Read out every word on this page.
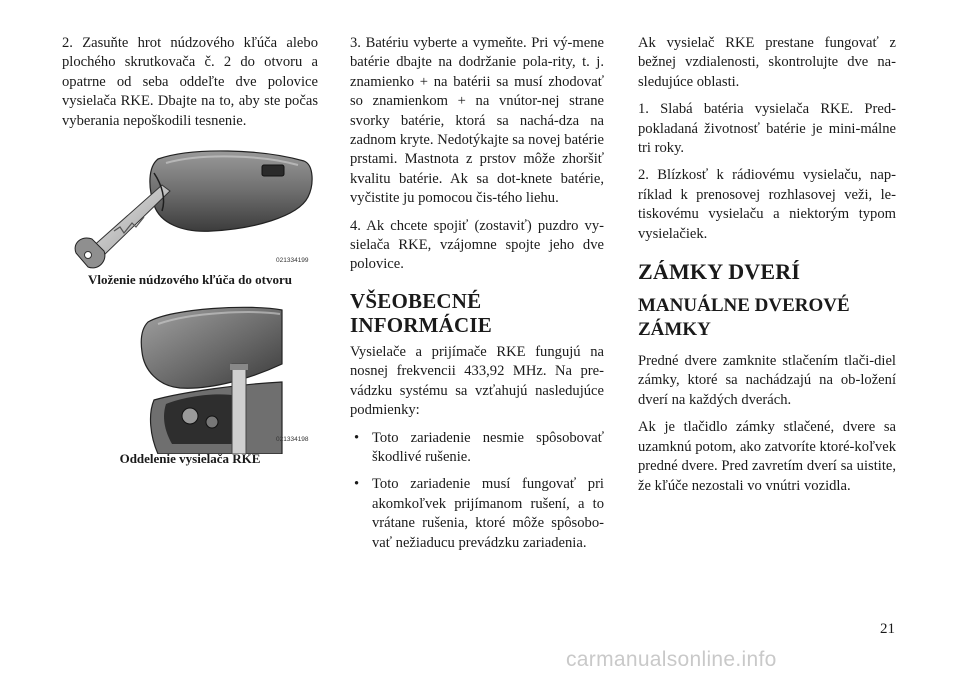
2. Zasuňte hrot núdzového kľúča alebo plochého skrutkovača č. 2 do otvoru a opatrne od seba oddeľte dve polovice vysielača RKE. Dbajte na to, aby ste počas vyberania nepoškodili tesnenie.

021334199

Vloženie núdzového kľúča do otvoru

021334198

Oddelenie vysielača RKE

3. Batériu vyberte a vymeňte. Pri vý-mene batérie dbajte na dodržanie pola-rity, t. j. znamienko + na batérii sa musí zhodovať so znamienkom + na vnútor-nej strane svorky batérie, ktorá sa nachá-dza na zadnom kryte. Nedotýkajte sa novej batérie prstami. Mastnota z prstov môže zhoršiť kvalitu batérie. Ak sa dot-knete batérie, vyčistite ju pomocou čis-tého liehu.

4. Ak chcete spojiť (zostaviť) puzdro vy-sielača RKE, vzájomne spojte jeho dve polovice.

VŠEOBECNÉ
INFORMÁCIE

Vysielače a prijímače RKE fungujú na nosnej frekvencii 433,92 MHz. Na pre-vádzku systému sa vzťahujú nasledujúce podmienky:

• Toto zariadenie nesmie spôsobovať škodlivé rušenie.
• Toto zariadenie musí fungovať pri akomkoľvek prijímanom rušení, a to vrátane rušenia, ktoré môže spôsobo-vať nežiaducu prevádzku zariadenia.

Ak vysielač RKE prestane fungovať z bežnej vzdialenosti, skontrolujte dve na-sledujúce oblasti.

1. Slabá batéria vysielača RKE. Pred-pokladaná životnosť batérie je mini-málne tri roky.

2. Blízkosť k rádiovému vysielaču, nap-ríklad k prenosovej rozhlasovej veži, le-tiskovému vysielaču a niektorým typom vysielačiek.

ZÁMKY DVERÍ
MANUÁLNE DVEROVÉ
ZÁMKY

Predné dvere zamknite stlačením tlači-diel zámky, ktoré sa nachádzajú na ob-ložení dverí na každých dverách.

Ak je tlačidlo zámky stlačené, dvere sa uzamknú potom, ako zatvoríte ktoré-koľvek predné dvere. Pred zavretím dverí sa uistite, že kľúče nezostali vo vnútri vozidla.

21
carmanualsonline.info
